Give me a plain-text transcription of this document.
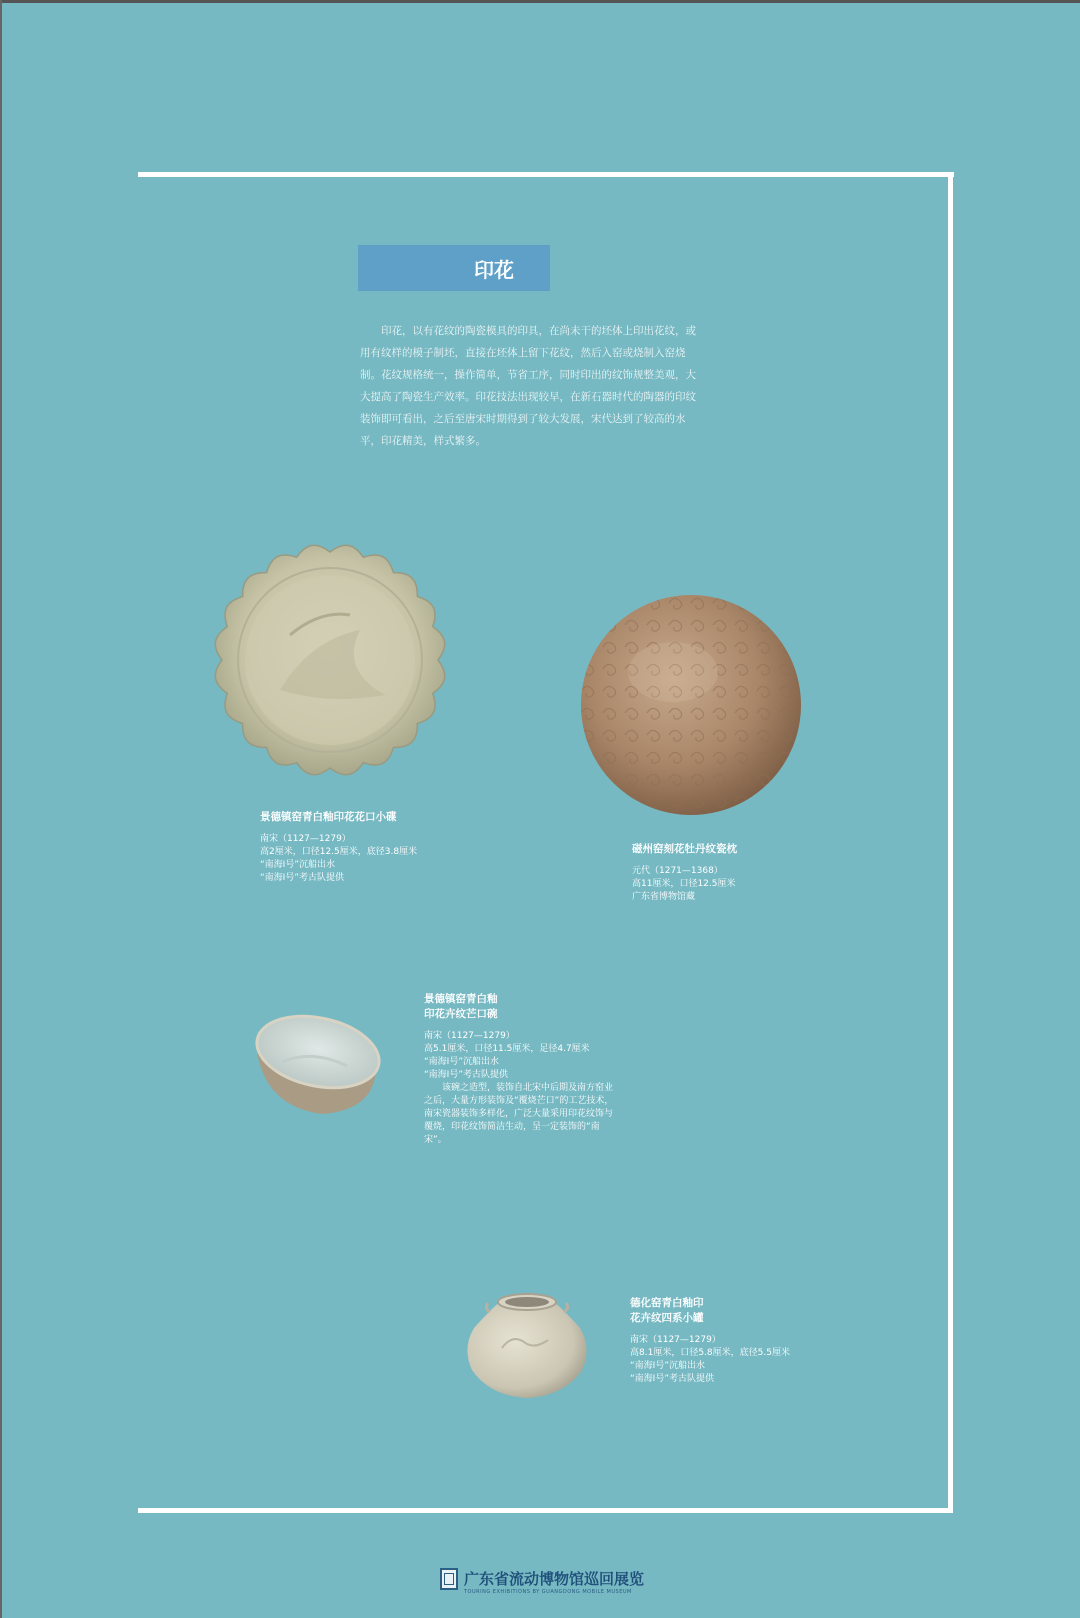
印花
印花，以有花纹的陶瓷模具的印具，在尚未干的坯体上印出花纹，或用有纹样的模子制坯，直接在坯体上留下花纹，然后入窑或烧制入窑烧制。花纹规格统一，操作简单，节省工序，同时印出的纹饰规整美观，大大提高了陶瓷生产效率。印花技法出现较早，在新石器时代的陶器的印纹装饰即可看出，之后至唐宋时期得到了较大发展，宋代达到了较高的水平，印花精美，样式繁多。
景德镇窑青白釉印花花口小碟
南宋（1127—1279）
高2厘米，口径12.5厘米，底径3.8厘米
“南海I号”沉船出水
“南海I号”考古队提供
磁州窑刻花牡丹纹瓷枕
元代（1271—1368）
高11厘米，口径12.5厘米
广东省博物馆藏
景德镇窑青白釉
印花卉纹芒口碗
南宋（1127—1279）
高5.1厘米，口径11.5厘米，足径4.7厘米
“南海I号”沉船出水
“南海I号”考古队提供
该碗之造型，装饰自北宋中后期及南方窑业之后，大量方形装饰及“覆烧芒口”的工艺技术，南宋瓷器装饰多样化，广泛大量采用印花纹饰与覆烧，印花纹饰简洁生动，呈一定装饰的“南宋”。
德化窑青白釉印
花卉纹四系小罐
南宋（1127—1279）
高8.1厘米，口径5.8厘米，底径5.5厘米
“南海I号”沉船出水
“南海I号”考古队提供
广东省流动博物馆巡回展览
TOURING EXHIBITIONS BY GUANGDONG MOBILE MUSEUM
